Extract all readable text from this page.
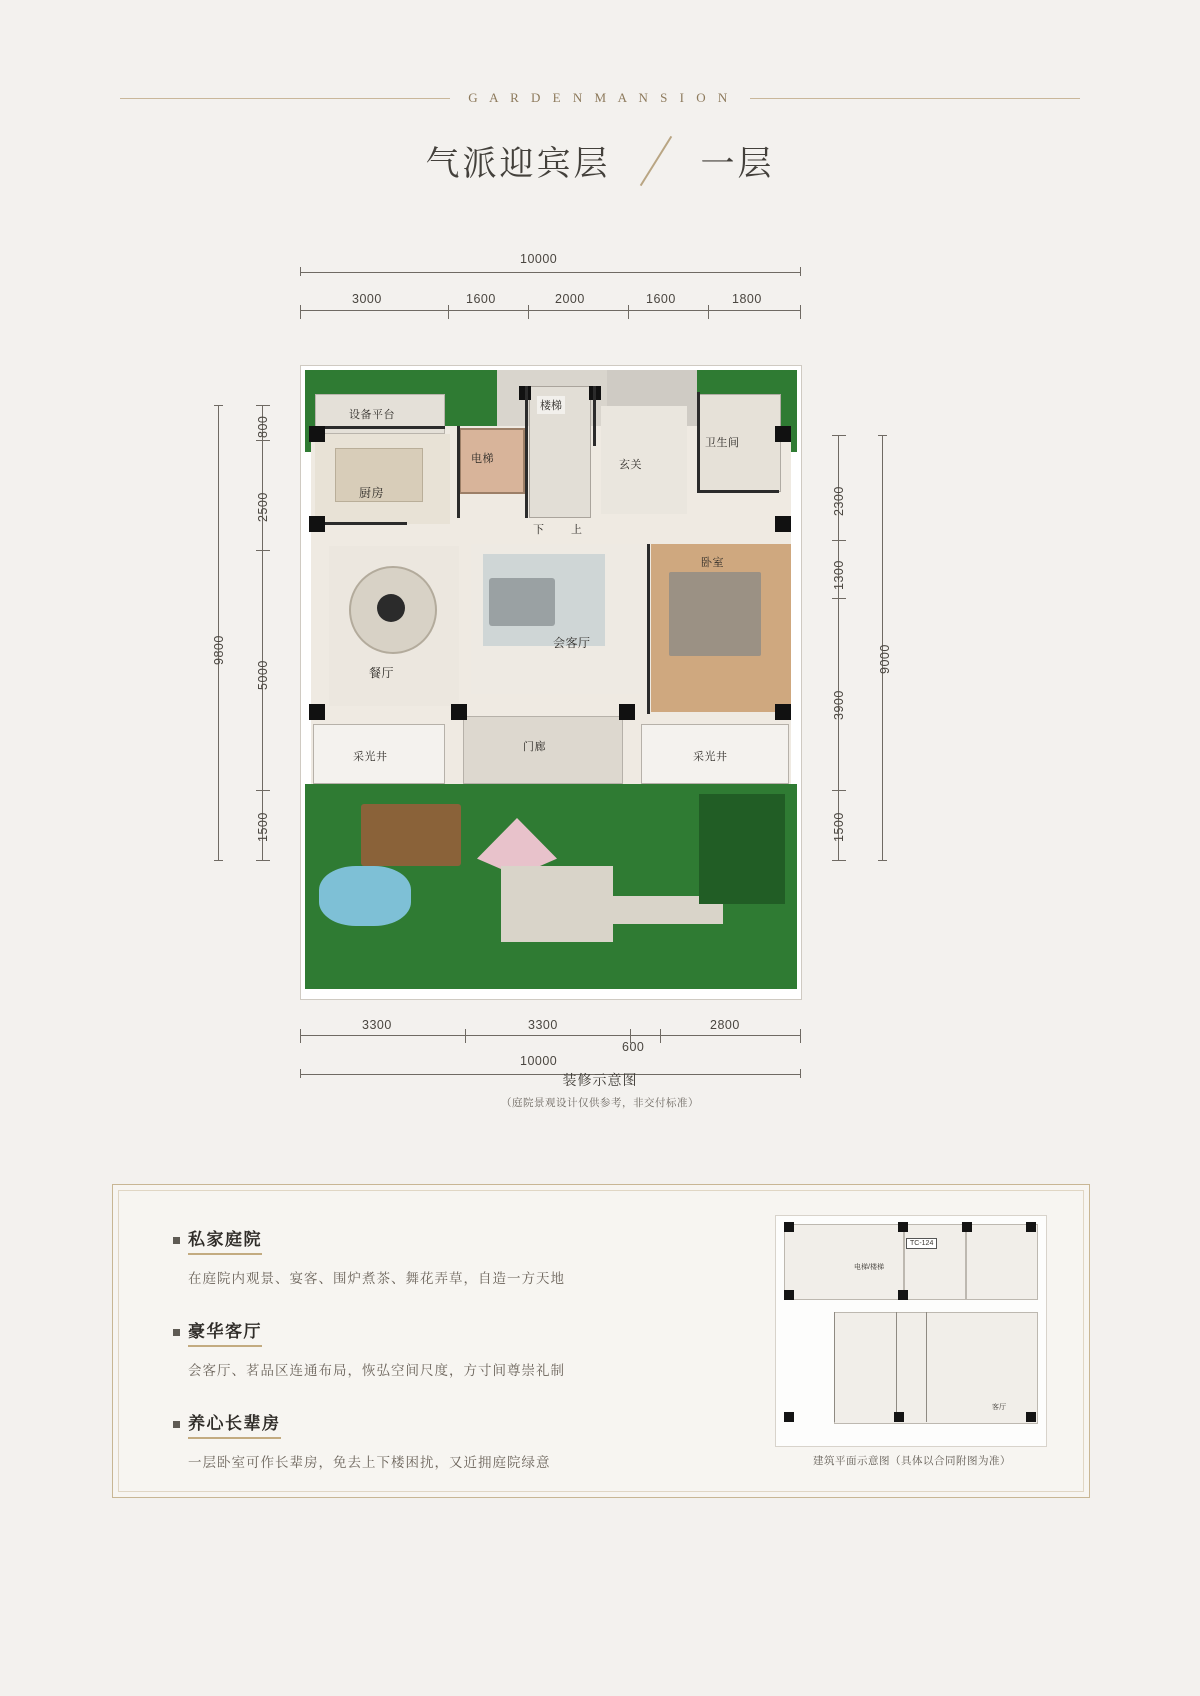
G A R D E N M A N S I O N
气派迎宾层	一层
10000
3000	1600	2000	1600	1800
9800
800
2500
5000
1500
2300
1300
3900
1500
9000
3300	3300
600
2800
10000
设备平台
厨房
电梯
楼梯
下 上
玄关
卫生间
卧室
会客厅
餐厅
采光井
门廊
采光井
装修示意图
（庭院景观设计仅供参考，非交付标准）
私家庭院
在庭院内观景、宴客、围炉煮茶、舞花弄草，自造一方天地
豪华客厅
会客厅、茗品区连通布局，恢弘空间尺度，方寸间尊崇礼制
养心长辈房
一层卧室可作长辈房，免去上下楼困扰，又近拥庭院绿意
TC-124
电梯/楼梯
客厅
建筑平面示意图（具体以合同附图为准）
